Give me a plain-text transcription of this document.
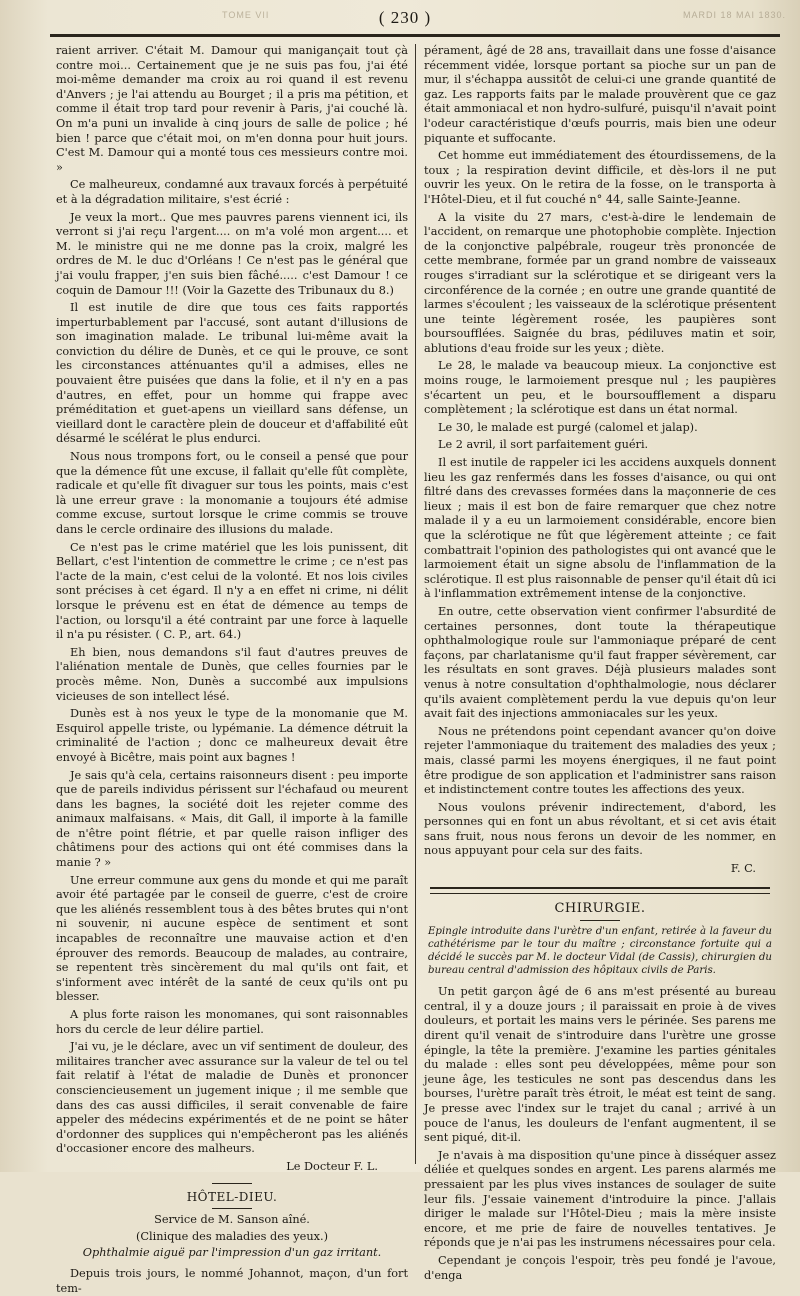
TOME VII	( 230 )	MARDI 18 MAI 1830.

raient arriver. C'était M. Damour qui manigançait tout çà contre moi... Certainement que je ne suis pas fou, j'ai été moi-même demander ma croix au roi quand il est revenu d'Anvers ; je l'ai attendu au Bourget ; il a pris ma pétition, et comme il était trop tard pour revenir à Paris, j'ai couché là. On m'a puni un invalide à cinq jours de salle de police ; hé bien ! parce que c'était moi, on m'en donna pour huit jours. C'est M. Damour qui a monté tous ces messieurs contre moi. »

Ce malheureux, condamné aux travaux forcés à perpétuité et à la dégradation militaire, s'est écrié :

Je veux la mort.. Que mes pauvres parens viennent ici, ils verront si j'ai reçu l'argent.... on m'a volé mon argent.... et M. le ministre qui ne me donne pas la croix, malgré les ordres de M. le duc d'Orléans ! Ce n'est pas le général que j'ai voulu frapper, j'en suis bien fâché..... c'est Damour ! ce coquin de Damour !!! (Voir la Gazette des Tribunaux du 8.)

Il est inutile de dire que tous ces faits rapportés imperturbablement par l'accusé, sont autant d'illusions de son imagination malade. Le tribunal lui-même avait la conviction du délire de Dunès, et ce qui le prouve, ce sont les circonstances atténuantes qu'il a admises, elles ne pouvaient être puisées que dans la folie, et il n'y en a pas d'autres, en effet, pour un homme qui frappe avec préméditation et guet-apens un vieillard sans défense, un vieillard dont le caractère plein de douceur et d'affabilité eût désarmé le scélérat le plus endurci.

Nous nous trompons fort, ou le conseil a pensé que pour que la démence fût une excuse, il fallait qu'elle fût complète, radicale et qu'elle fît divaguer sur tous les points, mais c'est là une erreur grave : la monomanie a toujours été admise comme excuse, surtout lorsque le crime commis se trouve dans le cercle ordinaire des illusions du malade.

Ce n'est pas le crime matériel que les lois punissent, dit Bellart, c'est l'intention de commettre le crime ; ce n'est pas l'acte de la main, c'est celui de la volonté. Et nos lois civiles sont précises à cet égard. Il n'y a en effet ni crime, ni délit lorsque le prévenu est en état de démence au temps de l'action, ou lorsqu'il a été contraint par une force à laquelle il n'a pu résister. ( C. P., art. 64.)

Eh bien, nous demandons s'il faut d'autres preuves de l'aliénation mentale de Dunès, que celles fournies par le procès même. Non, Dunès a succombé aux impulsions vicieuses de son intellect lésé.

Dunès est à nos yeux le type de la monomanie que M. Esquirol appelle triste, ou lypémanie. La démence détruit la criminalité de l'action ; donc ce malheureux devait être envoyé à Bicêtre, mais point aux bagnes !

Je sais qu'à cela, certains raisonneurs disent : peu importe que de pareils individus périssent sur l'échafaud ou meurent dans les bagnes, la société doit les rejeter comme des animaux malfaisans. « Mais, dit Gall, il importe à la famille de n'être point flétrie, et par quelle raison infliger des châtimens pour des actions qui ont été commises dans la manie ? »

Une erreur commune aux gens du monde et qui me paraît avoir été partagée par le conseil de guerre, c'est de croire que les aliénés ressemblent tous à des bêtes brutes qui n'ont ni souvenir, ni aucune espèce de sentiment et sont incapables de reconnaître une mauvaise action et d'en éprouver des remords. Beaucoup de malades, au contraire, se repentent très sincèrement du mal qu'ils ont fait, et s'informent avec intérêt de la santé de ceux qu'ils ont pu blesser.

A plus forte raison les monomanes, qui sont raisonnables hors du cercle de leur délire partiel.

J'ai vu, je le déclare, avec un vif sentiment de douleur, des militaires trancher avec assurance sur la valeur de tel ou tel fait relatif à l'état de maladie de Dunès et prononcer consciencieusement un jugement inique ; il me semble que dans des cas aussi difficiles, il serait convenable de faire appeler des médecins expérimentés et de ne point se hâter d'ordonner des supplices qui n'empêcheront pas les aliénés d'occasioner encore des malheurs.

Le Docteur F. L.
HÔTEL-DIEU.
Service de M. Sanson aîné.
(Clinique des maladies des yeux.)
Ophthalmie aiguë par l'impression d'un gaz irritant.

Depuis trois jours, le nommé Johannot, maçon, d'un fort tem-

pérament, âgé de 28 ans, travaillait dans une fosse d'aisance récemment vidée, lorsque portant sa pioche sur un pan de mur, il s'échappa aussitôt de celui-ci une grande quantité de gaz. Les rapports faits par le malade prouvèrent que ce gaz était ammoniacal et non hydro-sulfuré, puisqu'il n'avait point l'odeur caractéristique d'œufs pourris, mais bien une odeur piquante et suffocante.

Cet homme eut immédiatement des étourdissemens, de la toux ; la respiration devint difficile, et dès-lors il ne put ouvrir les yeux. On le retira de la fosse, on le transporta à l'Hôtel-Dieu, et il fut couché n° 44, salle Sainte-Jeanne.

A la visite du 27 mars, c'est-à-dire le lendemain de l'accident, on remarque une photophobie complète. Injection de la conjonctive palpébrale, rougeur très prononcée de cette membrane, formée par un grand nombre de vaisseaux rouges s'irradiant sur la sclérotique et se dirigeant vers la circonférence de la cornée ; en outre une grande quantité de larmes s'écoulent ; les vaisseaux de la sclérotique présentent une teinte légèrement rosée, les paupières sont boursoufflées. Saignée du bras, pédiluves matin et soir, ablutions d'eau froide sur les yeux ; diète.

Le 28, le malade va beaucoup mieux. La conjonctive est moins rouge, le larmoiement presque nul ; les paupières s'écartent un peu, et le boursoufflement a disparu complètement ; la sclérotique est dans un état normal.

Le 30, le malade est purgé (calomel et jalap).

Le 2 avril, il sort parfaitement guéri.

Il est inutile de rappeler ici les accidens auxquels donnent lieu les gaz renfermés dans les fosses d'aisance, ou qui ont filtré dans des crevasses formées dans la maçonnerie de ces lieux ; mais il est bon de faire remarquer que chez notre malade il y a eu un larmoiement considérable, encore bien que la sclérotique ne fût que légèrement atteinte ; ce fait combattrait l'opinion des pathologistes qui ont avancé que le larmoiement était un signe absolu de l'inflammation de la sclérotique. Il est plus raisonnable de penser qu'il était dû ici à l'inflammation extrêmement intense de la conjonctive.

En outre, cette observation vient confirmer l'absurdité de certaines personnes, dont toute la thérapeutique ophthalmologique roule sur l'ammoniaque préparé de cent façons, par charlatanisme qu'il faut frapper sévèrement, car les résultats en sont graves. Déjà plusieurs malades sont venus à notre consultation d'ophthalmologie, nous déclarer qu'ils avaient complètement perdu la vue depuis qu'on leur avait fait des injections ammoniacales sur les yeux.

Nous ne prétendons point cependant avancer qu'on doive rejeter l'ammoniaque du traitement des maladies des yeux ; mais, classé parmi les moyens énergiques, il ne faut point être prodigue de son application et l'administrer sans raison et indistinctement contre toutes les affections des yeux.

Nous voulons prévenir indirectement, d'abord, les personnes qui en font un abus révoltant, et si cet avis était sans fruit, nous nous ferons un devoir de les nommer, en nous appuyant pour cela sur des faits.

F. C.
CHIRURGIE.
Epingle introduite dans l'urètre d'un enfant, retirée à la faveur du cathétérisme par le tour du maître ; circonstance fortuite qui a décidé le succès par M. le docteur Vidal (de Cassis), chirurgien du bureau central d'admission des hôpitaux civils de Paris.

Un petit garçon âgé de 6 ans m'est présenté au bureau central, il y a douze jours ; il paraissait en proie à de vives douleurs, et portait les mains vers le périnée. Ses parens me dirent qu'il venait de s'introduire dans l'urètre une grosse épingle, la tête la première. J'examine les parties génitales du malade : elles sont peu développées, même pour son jeune âge, les testicules ne sont pas descendus dans les bourses, l'urètre paraît très étroit, le méat est teint de sang. Je presse avec l'index sur le trajet du canal ; arrivé à un pouce de l'anus, les douleurs de l'enfant augmentent, il se sent piqué, dit-il.

Je n'avais à ma disposition qu'une pince à disséquer assez déliée et quelques sondes en argent. Les parens alarmés me pressaient par les plus vives instances de soulager de suite leur fils. J'essaie vainement d'introduire la pince. J'allais diriger le malade sur l'Hôtel-Dieu ; mais la mère insiste encore, et me prie de faire de nouvelles tentatives. Je réponds que je n'ai pas les instrumens nécessaires pour cela.

Cependant je conçois l'espoir, très peu fondé je l'avoue, d'enga
